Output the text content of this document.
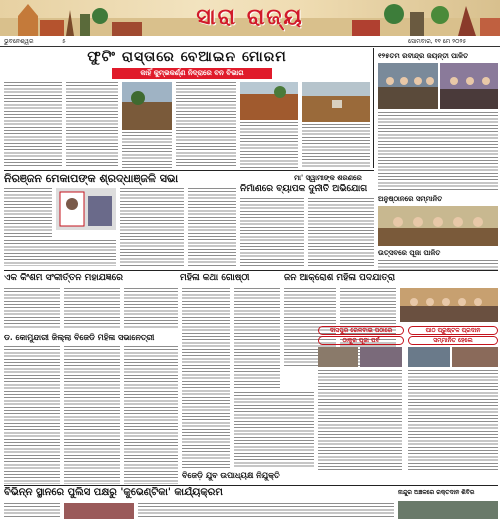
ସାରା ରାଜ୍ୟ
ଭୁବନେଶ୍ୱର	୫	ସୋମବାର, ୧୧ ମେ ୨୦୨୫
ଫୁଟିଂ ରାସ୍ତାରେ ବେଆଇନ ମୋରମ
କାହିଁ କୁମ୍ଭକର୍ଣ୍ଣ ନିଦ୍ରାରେ ବନ ବିଭାଗ
୧୨୫ତମ ରବୀନ୍ଦ୍ର ଜୟନ୍ତୀ ପାଳିତ
ଅନୁଷ୍ଠାନରେ ସମ୍ମାନିତ
ନିରଞ୍ଜନ ମେକାପଙ୍କ ଶ୍ରଦ୍ଧାଞ୍ଜଳି ସଭା	ମା' ସ୍ୱାମୀଙ୍କ ଶରଣରେ
ନିର୍ମାଣରେ ବ୍ୟାପକ ଦୁର୍ନୀତି ଅଭିଯୋଗ
ଉତ୍ସବରେ ପୂଜା ପାଳିତ
ଏକ କିଂଶମ ସଂକୀର୍ତ୍ତନ ମହାଯଜ୍ଞରେ	ମହିଳା କଥା ଗୋଷ୍ଠୀ	ଜନ ଆକ୍ରୋଶ ମହିଳା ପଦଯାତ୍ରା
ଡ. କୋମୁନ୍ଦାରୀ ଜିଲ୍ଲା ବିଜେଡି ମହିଳା ସଭାନେତ୍ରୀ
ଦାସପୁର ରେଳବାଇ ପଠାରେ
ଠାକୁର ପୂଜା ପର୍ବ
ପାଠ ପ୍ରୁଷ୍ଟଳ ପ୍ରଦାନ
ସମ୍ମାନିତ ହେଲେ
ବିଜେଡ଼ି ଯୁବ ଉପାଧ୍ୟକ୍ଷ ନିଯୁକ୍ତି
ବିଭିନ୍ନ ସ୍ଥାନରେ ପୁଲିସ ପକ୍ଷରୁ 'କୁଭେଣ୍ଟିକା' କାର୍ଯ୍ୟକ୍ରମ	ନାନ୍ଦୁର ଅଞ୍ଚଳରେ ରକ୍ତଦାନ ଶିବିର
